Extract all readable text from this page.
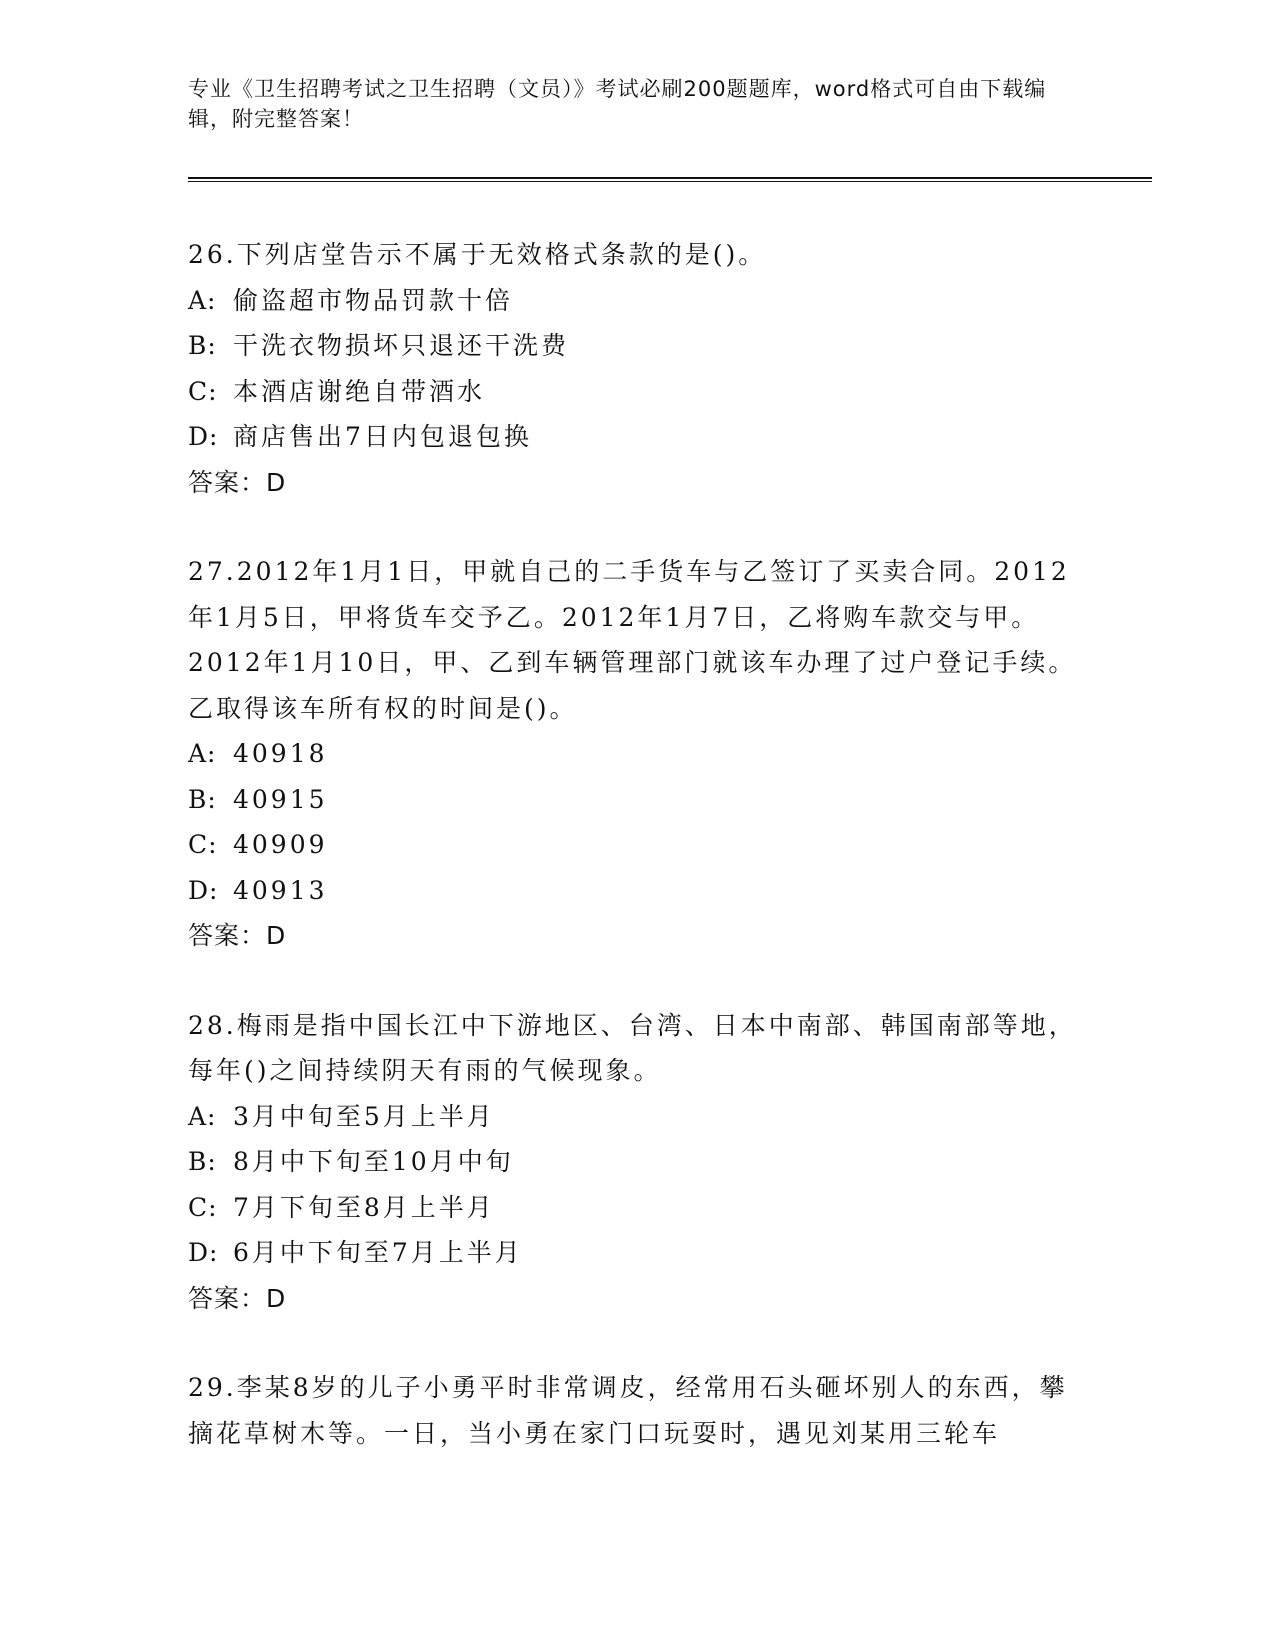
专业《卫生招聘考试之卫生招聘（文员）》考试必刷200题题库，word格式可自由下载编辑，附完整答案！
26.下列店堂告示不属于无效格式条款的是()。
A: 偷盗超市物品罚款十倍
B: 干洗衣物损坏只退还干洗费
C: 本酒店谢绝自带酒水
D: 商店售出7日内包退包换
答案：D
27.2012年1月1日，甲就自己的二手货车与乙签订了买卖合同。2012年1月5日，甲将货车交予乙。2012年1月7日，乙将购车款交与甲。2012年1月10日，甲、乙到车辆管理部门就该车办理了过户登记手续。乙取得该车所有权的时间是()。
A: 40918
B: 40915
C: 40909
D: 40913
答案：D
28.梅雨是指中国长江中下游地区、台湾、日本中南部、韩国南部等地，每年()之间持续阴天有雨的气候现象。
A: 3月中旬至5月上半月
B: 8月中下旬至10月中旬
C: 7月下旬至8月上半月
D: 6月中下旬至7月上半月
答案：D
29.李某8岁的儿子小勇平时非常调皮，经常用石头砸坏别人的东西，攀摘花草树木等。一日，当小勇在家门口玩耍时，遇见刘某用三轮车
